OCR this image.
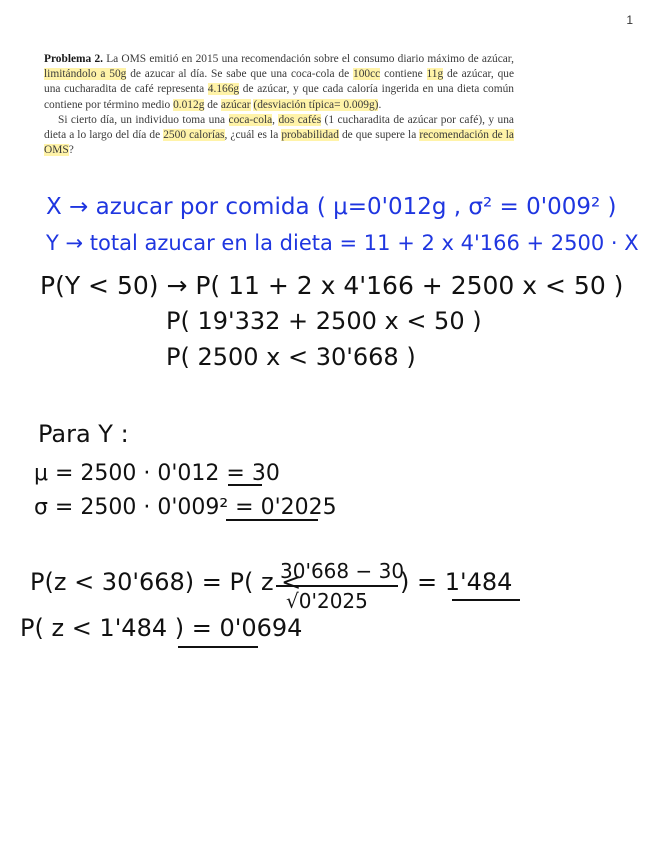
1

Problema 2. La OMS emitió en 2015 una recomendación sobre el consumo diario máximo de azúcar, limitándolo a 50g de azucar al día. Se sabe que una coca-cola de 100cc contiene 11g de azúcar, que una cucharadita de café representa 4.166g de azúcar, y que cada caloría ingerida en una dieta común contiene por término medio 0.012g de azúcar (desviación típica= 0.009g).

Si cierto día, un individuo toma una coca-cola, dos cafés (1 cucharadita de azúcar por café), y una dieta a lo largo del día de 2500 calorías, ¿cuál es la probabilidad de que supere la recomendación de la OMS?

X → azucar por comida ( μ=0'012g , σ² = 0'009² )
Y → total azucar en la dieta = 11 + 2 x 4'166 + 2500 · X
P(Y < 50) → P( 11 + 2 x 4'166 + 2500 x < 50 )
P( 19'332 + 2500 x < 50 )
P( 2500 x < 30'668 )
Para Y :
μ = 2500 · 0'012 = 30
σ = 2500 · 0'009² = 0'2025
P(z < 30'668) = P( z <
30'668 − 30
√0'2025
) = 1'484
P( z < 1'484 ) = 0'0694
